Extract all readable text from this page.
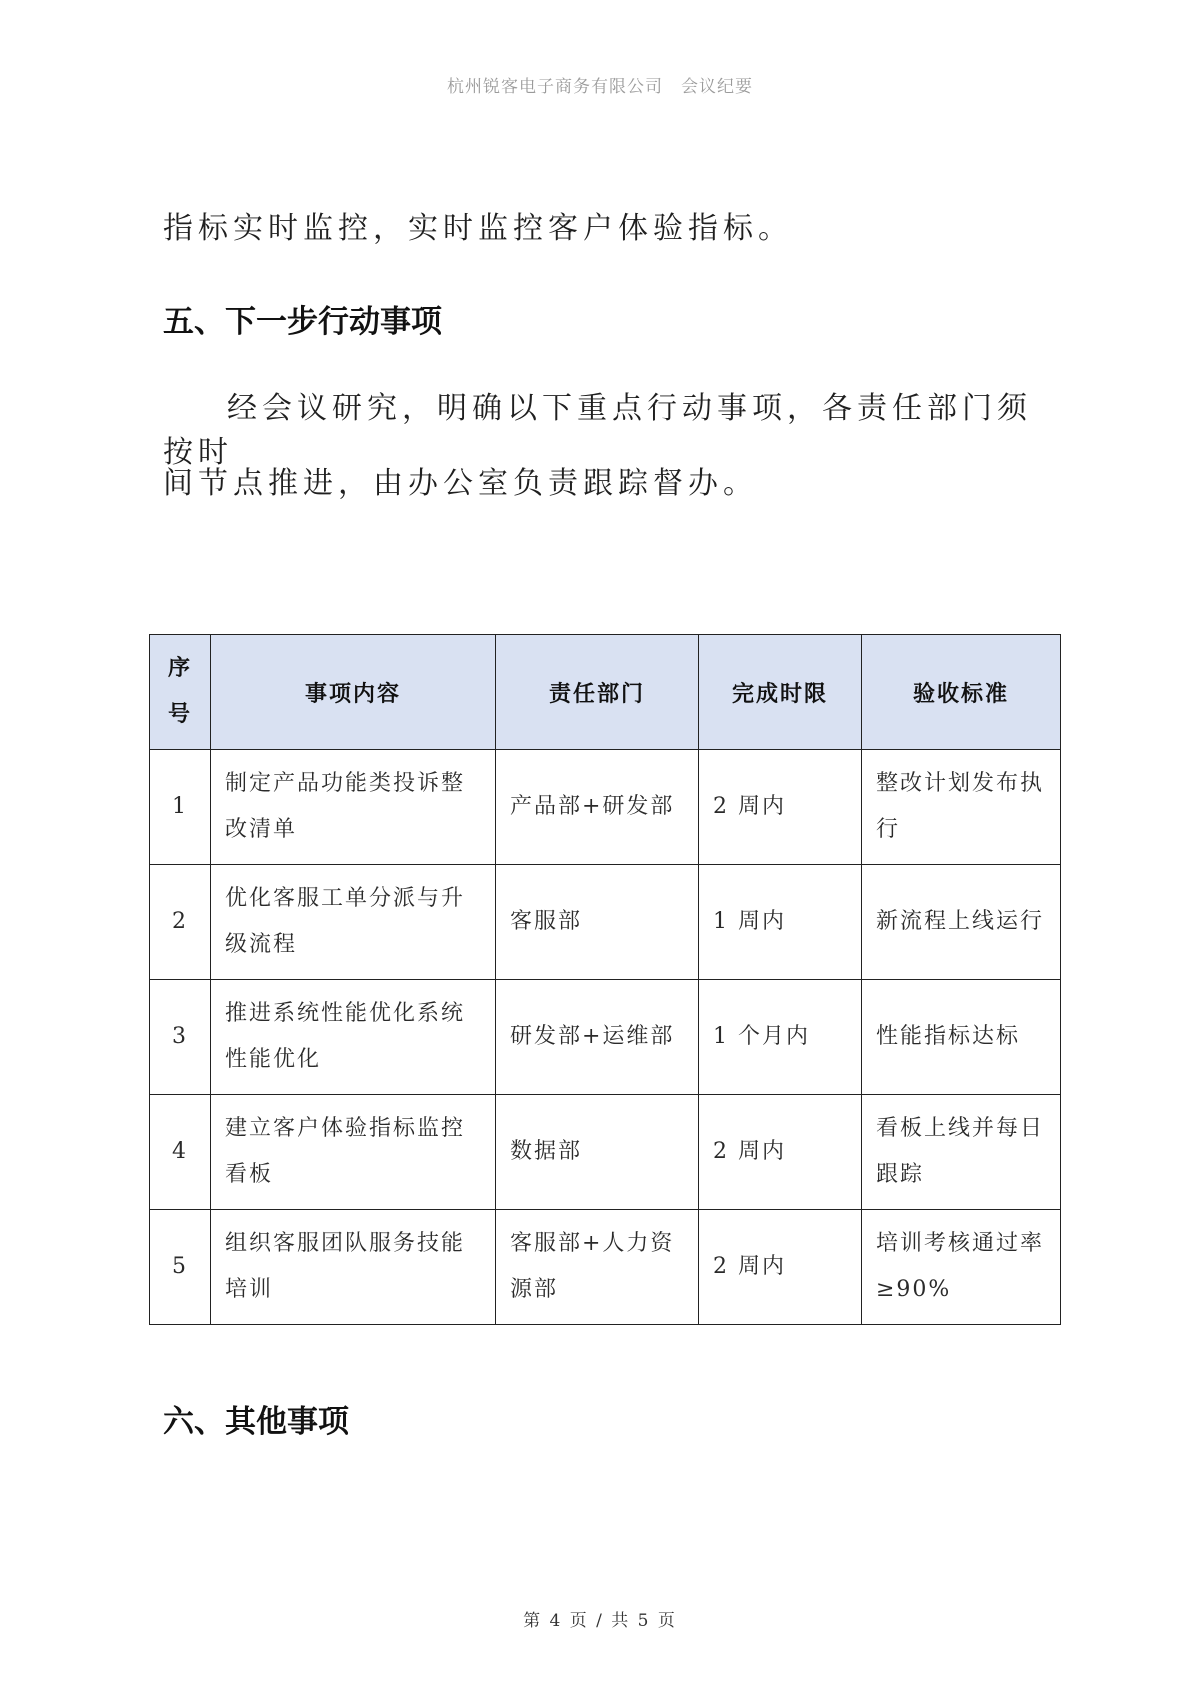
杭州锐客电子商务有限公司　会议纪要
指标实时监控，实时监控客户体验指标。
五、下一步行动事项
经会议研究，明确以下重点行动事项，各责任部门须按时
间节点推进，由办公室负责跟踪督办。
序号	事项内容	责任部门	完成时限	验收标准
1	制定产品功能类投诉整改清单	产品部+研发部	2 周内	整改计划发布执行
2	优化客服工单分派与升级流程	客服部	1 周内	新流程上线运行
3	推进系统性能优化系统性能优化	研发部+运维部	1 个月内	性能指标达标
4	建立客户体验指标监控看板	数据部	2 周内	看板上线并每日跟踪
5	组织客服团队服务技能培训	客服部+人力资源部	2 周内	培训考核通过率≥90%
六、其他事项
第 4 页 / 共 5 页
